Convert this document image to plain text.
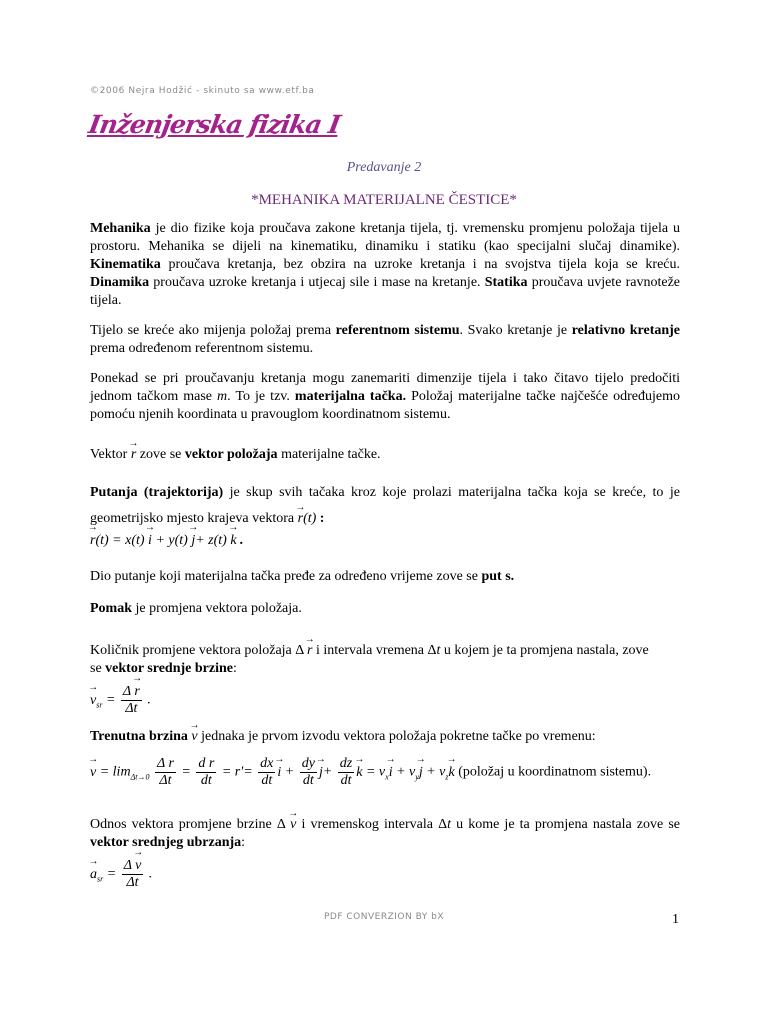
©2006 Nejra Hodžić - skinuto sa www.etf.ba
Inženjerska fizika I
Predavanje 2
*MEHANIKA MATERIJALNE ČESTICE*
Mehanika je dio fizike koja proučava zakone kretanja tijela, tj. vremensku promjenu položaja tijela u prostoru. Mehanika se dijeli na kinematiku, dinamiku i statiku (kao specijalni slučaj dinamike). Kinematika proučava kretanja, bez obzira na uzroke kretanja i na svojstva tijela koja se kreću. Dinamika proučava uzroke kretanja i utjecaj sile i mase na kretanje. Statika proučava uvjete ravnoteže tijela.
Tijelo se kreće ako mijenja položaj prema referentnom sistemu. Svako kretanje je relativno kretanje prema određenom referentnom sistemu.
Ponekad se pri proučavanju kretanja mogu zanemariti dimenzije tijela i tako čitavo tijelo predočiti jednom tačkom mase m. To je tzv. materijalna tačka. Položaj materijalne tačke najčešće određujemo pomoću njenih koordinata u pravouglom koordinatnom sistemu.
Vektor → r zove se vektor položaja materijalne tačke.
Putanja (trajektorija) je skup svih tačaka kroz koje prolazi materijalna tačka koja se kreće, to je geometrijsko mjesto krajeva vektora → r(t) :
→ r(t) = x(t) → i + y(t) → j+ z(t) → k .
Dio putanje koji materijalna tačka pređe za određeno vrijeme zove se put s.
Pomak je promjena vektora položaja.
Količnik promjene vektora položaja Δ → r i intervala vremena Δt u kojem je ta promjena nastala, zove se vektor srednje brzine:
→ $v_{sr} = \frac{\Delta \to r}{\Delta t}$ .
Trenutna brzina → v jednaka je prvom izvodu vektora položaja pokretne tačke po vremenu:
→ $v = \lim_{\Delta t\to 0} \frac{\text{Δ r}}{\Delta t} = \frac{\text{d r}}{dt} = r'= \frac{dx}{dt}$
→ $i + \frac{dy}{dt}$
→ $j+ \frac{dz}{dt}$
→ $k = v_x\to i + v_y\to j + v_z\to k$ (položaj u koordinatnom sistemu).
Odnos vektora promjene brzine Δ → v i vremenskog intervala Δt u kome je ta promjena nastala zove se vektor srednjeg ubrzanja:
→ $a_{sr} = \frac{\Delta \to v}{\Delta t}$ .
PDF CONVERZION BY bX	1
